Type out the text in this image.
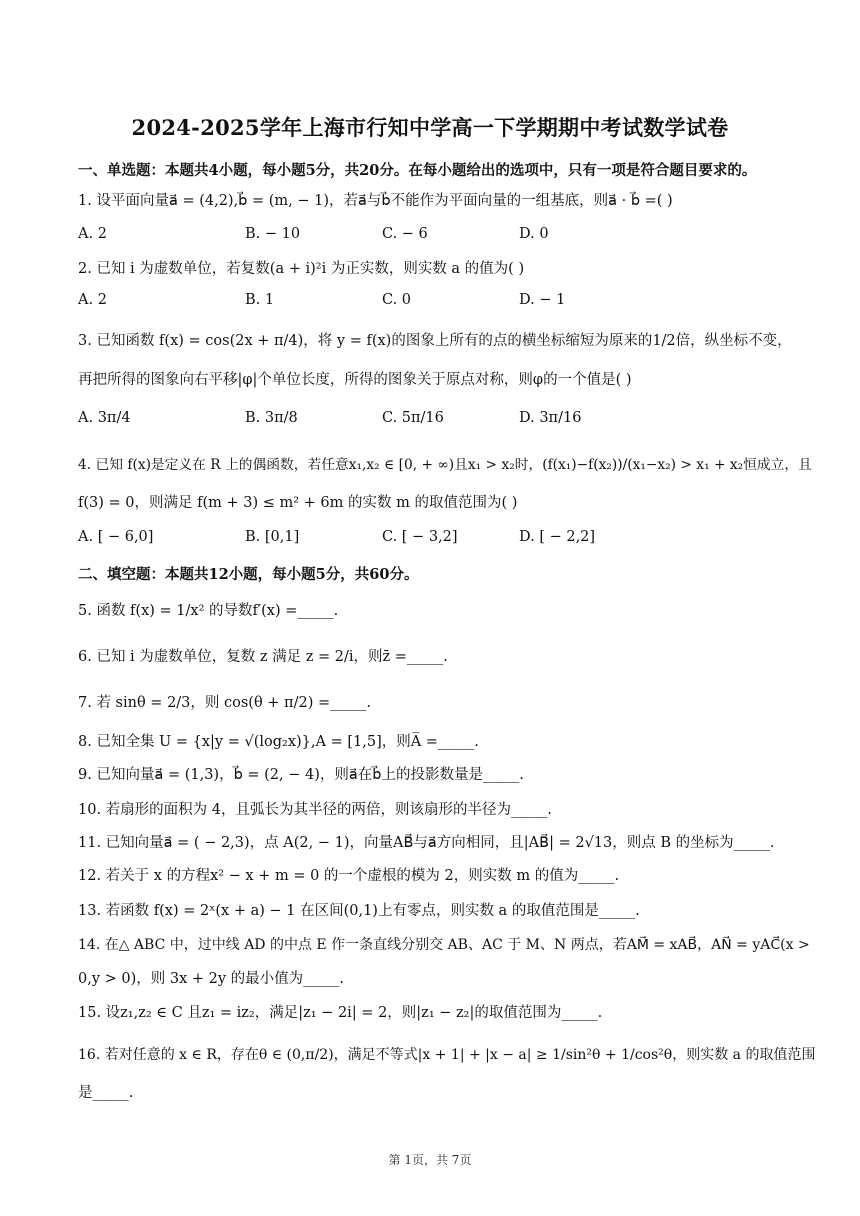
2024-2025学年上海市行知中学高一下学期期中考试数学试卷
一、单选题：本题共4小题，每小题5分，共20分。在每小题给出的选项中，只有一项是符合题目要求的。
1. 设平面向量a⃗ = (4,2),b⃗ = (m, − 1)，若a⃗与b⃗不能作为平面向量的一组基底，则a⃗ · b⃗ =( )
A. 2	B. − 10	C. − 6	D. 0
2. 已知 i 为虚数单位，若复数(a + i)²i 为正实数，则实数 a 的值为( )
A. 2	B. 1	C. 0	D. − 1
3. 已知函数 f(x) = cos(2x + π/4)，将 y = f(x)的图象上所有的点的横坐标缩短为原来的1/2倍，纵坐标不变，
再把所得的图象向右平移|φ|个单位长度，所得的图象关于原点对称，则φ的一个值是( )
A. 3π/4	B. 3π/8	C. 5π/16	D. 3π/16
4. 已知 f(x)是定义在 R 上的偶函数，若任意x₁,x₂ ∈ [0, + ∞)且x₁ > x₂时，(f(x₁)−f(x₂))/(x₁−x₂) > x₁ + x₂恒成立，且
f(3) = 0，则满足 f(m + 3) ≤ m² + 6m 的实数 m 的取值范围为( )
A. [ − 6,0]	B. [0,1]	C. [ − 3,2]	D. [ − 2,2]
二、填空题：本题共12小题，每小题5分，共60分。
5. 函数 f(x) = 1/x² 的导数f′(x) =_____.
6. 已知 i 为虚数单位，复数 z 满足 z = 2/i，则z̄ =_____.
7. 若 sinθ = 2/3，则 cos(θ + π/2) =_____.
8. 已知全集 U = {x|y = √(log₂x)},A = [1,5]，则A̅ =_____.
9. 已知向量a⃗ = (1,3)，b⃗ = (2, − 4)，则a⃗在b⃗上的投影数量是_____.
10. 若扇形的面积为 4，且弧长为其半径的两倍，则该扇形的半径为_____.
11. 已知向量a⃗ = ( − 2,3)，点 A(2, − 1)，向量AB⃗与a⃗方向相同，且|AB⃗| = 2√13，则点 B 的坐标为_____.
12. 若关于 x 的方程x² − x + m = 0 的一个虚根的模为 2，则实数 m 的值为_____.
13. 若函数 f(x) = 2ˣ(x + a) − 1 在区间(0,1)上有零点，则实数 a 的取值范围是_____.
14. 在△ ABC 中，过中线 AD 的中点 E 作一条直线分别交 AB、AC 于 M、N 两点，若AM⃗ = xAB⃗，AN⃗ = yAC⃗(x >
0,y > 0)，则 3x + 2y 的最小值为_____.
15. 设z₁,z₂ ∈ C 且z₁ = iz₂，满足|z₁ − 2i| = 2，则|z₁ − z₂|的取值范围为_____.
16. 若对任意的 x ∈ R，存在θ ∈ (0,π/2)，满足不等式|x + 1| + |x − a| ≥ 1/sin²θ + 1/cos²θ，则实数 a 的取值范围
是_____.
第 1页，共 7页
